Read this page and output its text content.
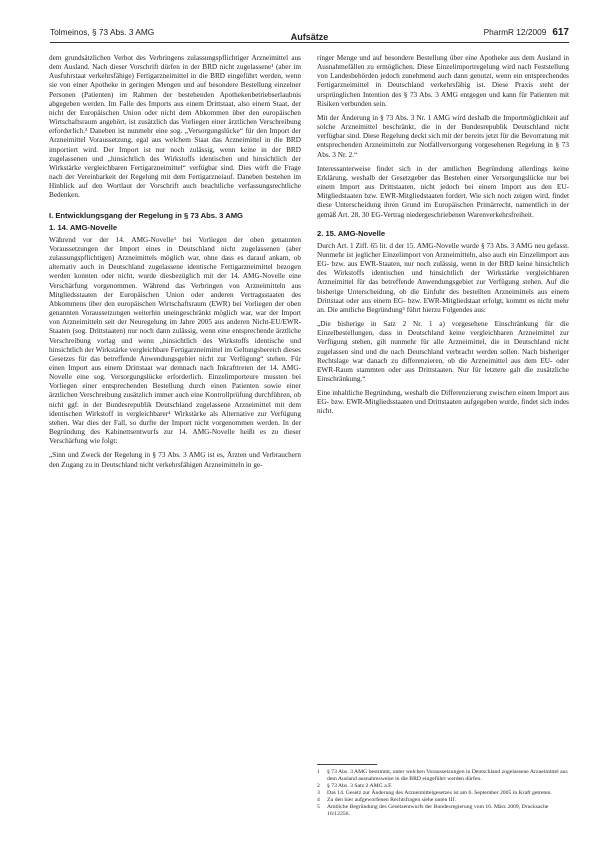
Tolmeinos, § 73 Abs. 3 AMG	Aufsätze	PharmR 12/2009 617

dem grundsätzlichen Verbot des Verbringens zulassungspflichtiger Arzneimittel aus dem Ausland. Nach dieser Vorschrift dürfen in der BRD nicht zugelassene¹ (aber im Ausfuhrstaat verkehrsfähige) Fertigarzneimittel in die BRD eingeführt werden, wenn sie von einer Apotheke in geringen Mengen und auf besondere Bestellung einzelner Personen (Patienten) im Rahmen der bestehenden Apothekenbetriebserlaubnis abgegeben werden. Im Falle des Imports aus einem Drittstaat, also einem Staat, der nicht der Europäischen Union oder nicht dem Abkommen über den europäischen Wirtschaftsraum angehört, ist zusätzlich das Vorliegen einer ärztlichen Verschreibung erforderlich.² Daneben ist nunmehr eine sog. „Versorgungslücke“ für den Import der Arzneimittel Voraussetzung, egal aus welchem Staat das Arzneimittel in die BRD importiert wird. Der Import ist nur noch zulässig, wenn keine in der BRD zugelassenen und „hinsichtlich des Wirkstoffs identischen und hinsichtlich der Wirkstärke vergleichbaren Fertigarzneimittel“ verfügbar sind. Dies wirft die Frage nach der Vereinbarkeit der Regelung mit dem Fertigarzneiauf. Daneben bestehen im Hinblick auf den Wortlaut der Vorschrift auch beachtliche verfassungsrechtliche Bedenken.

I. Entwicklungsgang der Regelung in § 73 Abs. 3 AMG
1. 14. AMG-Novelle

Während vor der 14. AMG-Novelle³ bei Vorliegen der oben genannten Voraussetzungen der Import eines in Deutschland nicht zugelassenen (aber zulassungspflichtigen) Arzneimittels möglich war, ohne dass es darauf ankam, ob alternativ auch in Deutschland zugelassene identische Fertigarzneimittel bezogen werden konnten oder nicht, wurde diesbezüglich mit der 14. AMG-Novelle eine Verschärfung vorgenommen. Während das Verbringen von Arzneimitteln aus Mitgliedsstaaten der Europäischen Union oder anderen Vertragsstaaten des Abkommens über den europäischen Wirtschaftsraum (EWR) bei Vorliegen der oben genannten Voraussetzungen weiterhin uneingeschränkt möglich war, war der Import von Arzneimitteln seit der Neuregelung im Jahre 2005 aus anderen Nicht-EU/EWR-Staaten (sog. Drittstaaten) nur noch dann zulässig, wenn eine entsprechende ärztliche Verschreibung vorlag und wenn „hinsichtlich des Wirkstoffs identische und hinsichtlich der Wirkstärke vergleichbare Fertigarzneimittel im Geltungsbereich dieses Gesetzes für das betreffende Anwendungsgebiet nicht zur Verfügung“ stehen. Für einen Import aus einem Drittstaat war demnach nach Inkrafttreten der 14. AMG-Novelle eine sog. Versorgungslücke erforderlich. Einzelimporteure mussten bei Vorliegen einer entsprechenden Bestellung durch einen Patienten sowie einer ärztlichen Verschreibung zusätzlich immer auch eine Kontrollprüfung durchführen, ob nicht ggf. in der Bundesrepublik Deutschland zugelassene Arzneimittel mit dem identischen Wirkstoff in vergleichbarer⁴ Wirkstärke als Alternative zur Verfügung stehen. War dies der Fall, so durfte der Import nicht vorgenommen werden. In der Begründung des Kabinettsentwurfs zur 14. AMG-Novelle heißt es zu dieser Verschärfung wie folgt:

„Sinn und Zweck der Regelung in § 73 Abs. 3 AMG ist es, Ärzten und Verbrauchern den Zugang zu in Deutschland nicht verkehrsfähigen Arzneimitteln in ge-

ringer Menge und auf besondere Bestellung über eine Apotheke aus dem Ausland in Ausnahmefällen zu ermöglichen. Diese Einzelimportregelung wird nach Feststellung von Landesbehörden jedoch zunehmend auch dann genutzt, wenn ein entsprechendes Fertigarzneimittel in Deutschland verkehrsfähig ist. Diese Praxis steht der ursprünglichen Intention des § 73 Abs. 3 AMG entgegen und kann für Patienten mit Risiken verbunden sein.

Mit der Änderung in § 73 Abs. 3 Nr. 1 AMG wird deshalb die Importmöglichkeit auf solche Arzneimittel beschränkt, die in der Bundesrepublik Deutschland nicht verfügbar sind. Diese Regelung deckt sich mit der bereits jetzt für die Bevorratung mit entsprechenden Arzneimitteln zur Notfallversorgung vorgesehenen Regelung in § 73 Abs. 3 Nr. 2.“

Interessanterweise findet sich in der amtlichen Begründung allerdings keine Erklärung, weshalb der Gesetzgeber das Bestehen einer Versorgungslücke nur bei einem Import aus Drittstaaten, nicht jedoch bei einem Import aus den EU-Mitgliedstaaten bzw. EWR-Mitgliedstaaten fordert. Wie sich noch zeigen wird, findet diese Unterscheidung ihren Grund im Europäischen Primärrecht, namentlich in der gemäß Art. 28, 30 EG-Vertrag niedergeschriebenen Warenverkehrsfreiheit.

2. 15. AMG-Novelle

Durch Art. 1 Ziff. 65 lit. d der 15. AMG-Novelle wurde § 73 Abs. 3 AMG neu gefasst. Nunmehr ist jeglicher Einzelimport von Arzneimitteln, also auch ein Einzelimport aus EG- bzw. aus EWR-Staaten, nur noch zulässig, wenn in der BRD keine hinsichtlich des Wirkstoffs identischen und hinsichtlich der Wirkstärke vergleichbaren Arzneimittel für das betreffende Anwendungsgebiet zur Verfügung stehen. Auf die bisherige Unterscheidung, ob die Einfuhr des bestellten Arzneimittels aus einem Drittstaat oder aus einem EG- bzw. EWR-Mitgliedstaat erfolgt, kommt es nicht mehr an. Die amtliche Begründung⁵ führt hierzu Folgendes aus:

„Die bisherige in Satz 2 Nr. 1 a) vorgesehene Einschränkung für die Einzelbestellungen, dass in Deutschland keine vergleichbaren Arzneimittel zur Verfügung stehen, gilt nunmehr für alle Arzneimittel, die in Deutschland nicht zugelassen sind und die nach Deutschland verbracht werden sollen. Nach bisheriger Rechtslage war danach zu differenzieren, ob die Arzneimittel aus dem EU- oder EWR-Raum stammten oder aus Drittstaaten. Nur für letztere galt die zusätzliche Einschränkung.“

Eine inhaltliche Begründung, weshalb die Differenzierung zwischen einem Import aus EG- bzw. EWR-Mitgliedsstaaten und Drittstaaten aufgegeben wurde, findet sich indes nicht.

1	§ 73 Abs. 3 AMG bestimmt, unter welchen Voraussetzungen in Deutschland zugelassene Arzneimittel aus dem Ausland ausnahmsweise in die BRD eingeführt werden dürfen.
2	§ 73 Abs. 3 Satz 2 AMG a.F.
3	Das 14. Gesetz zur Änderung des Arzneimittelgesetzes ist am 6. September 2005 in Kraft getreten.
4	Zu den hier aufgeworfenen Rechtsfragen siehe unten III.
5	Amtliche Begründung des Gesetzentwurfs der Bundesregierung vom 16. März 2009, Drucksache 16/12256.
